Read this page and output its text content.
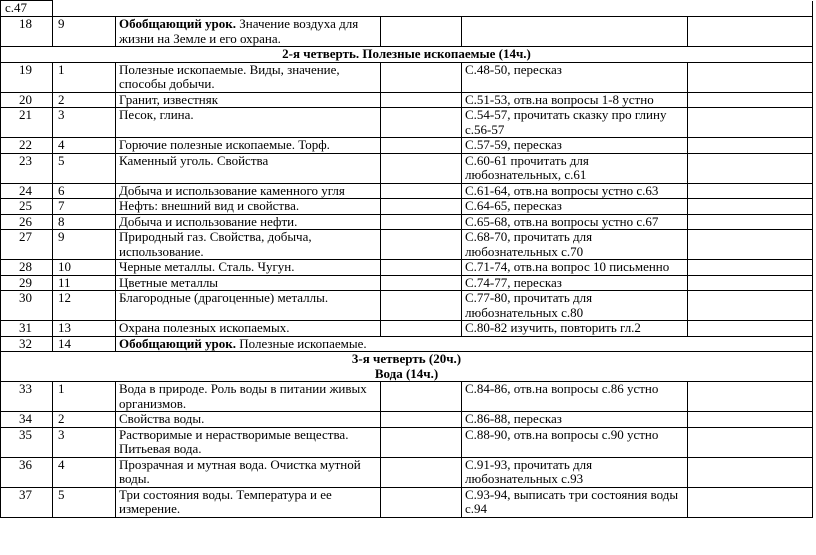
с.47					
18	9	Обобщающий урок. Значение воздуха для жизни на Земле и его охрана.			

2-я четверть. Полезные ископаемые (14ч.)					

19	1	Полезные ископаемые. Виды, значение, способы добычи.		С.48-50, пересказ	
20	2	Гранит, известняк		С.51-53, отв.на вопросы 1-8 устно	
21	3	Песок, глина.		С.54-57, прочитать сказку про глину с.56-57	
22	4	Горючие полезные ископаемые. Торф.		С.57-59, пересказ	
23	5	Каменный уголь. Свойства		С.60-61 прочитать для любознательных, с.61	
24	6	Добыча и использование каменного угля		С.61-64, отв.на вопросы устно с.63	
25	7	Нефть: внешний вид и свойства.		С.64-65, пересказ	
26	8	Добыча и использование нефти.		С.65-68, отв.на вопросы устно с.67	
27	9	Природный газ. Свойства, добыча, использование.		С.68-70, прочитать для любознательных с.70	
28	10	Черные металлы. Сталь. Чугун.		С.71-74, отв.на вопрос 10 письменно	
29	11	Цветные металлы		С.74-77, пересказ	
30	12	Благородные (драгоценные) металлы.		С.77-80, прочитать для любознательных с.80	
31	13	Охрана полезных ископаемых.		С.80-82 изучить, повторить гл.2	
32	14	Обобщающий урок. Полезные ископаемые.			

3-я четверть (20ч.)
Вода (14ч.)					

33	1	Вода в природе. Роль воды в питании живых организмов.		С.84-86, отв.на вопросы с.86 устно	
34	2	Свойства воды.		С.86-88, пересказ	
35	3	Растворимые и нерастворимые вещества. Питьевая вода.		С.88-90, отв.на вопросы с.90 устно	
36	4	Прозрачная и мутная вода. Очистка мутной воды.		С.91-93, прочитать для любознательных с.93	
37	5	Три состояния воды. Температура и ее измерение.		С.93-94, выписать три состояния воды с.94	
